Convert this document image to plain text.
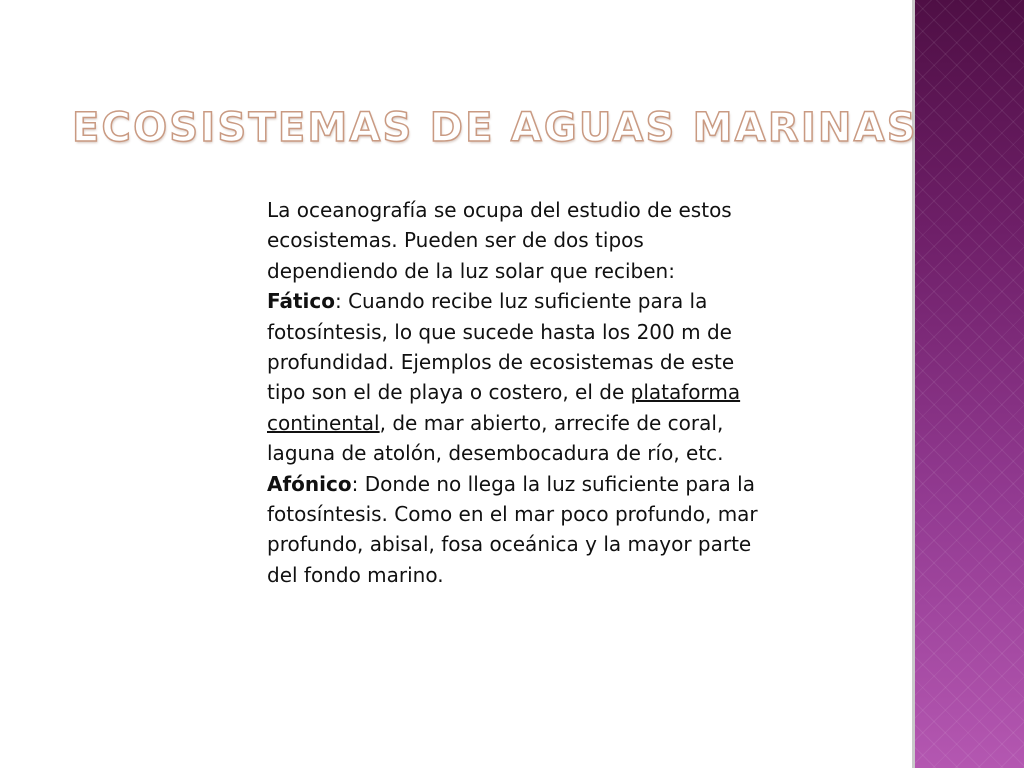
ECOSISTEMAS DE AGUAS MARINAS

La oceanografía se ocupa del estudio de estos ecosistemas. Pueden ser de dos tipos dependiendo de la luz solar que reciben:

Fático: Cuando recibe luz suficiente para la fotosíntesis, lo que sucede hasta los 200 m de profundidad. Ejemplos de ecosistemas de este tipo son el de playa o costero, el de plataforma continental, de mar abierto, arrecife de coral, laguna de atolón, desembocadura de río, etc.

Afónico: Donde no llega la luz suficiente para la fotosíntesis. Como en el mar poco profundo, mar profundo, abisal, fosa oceánica y la mayor parte del fondo marino.
